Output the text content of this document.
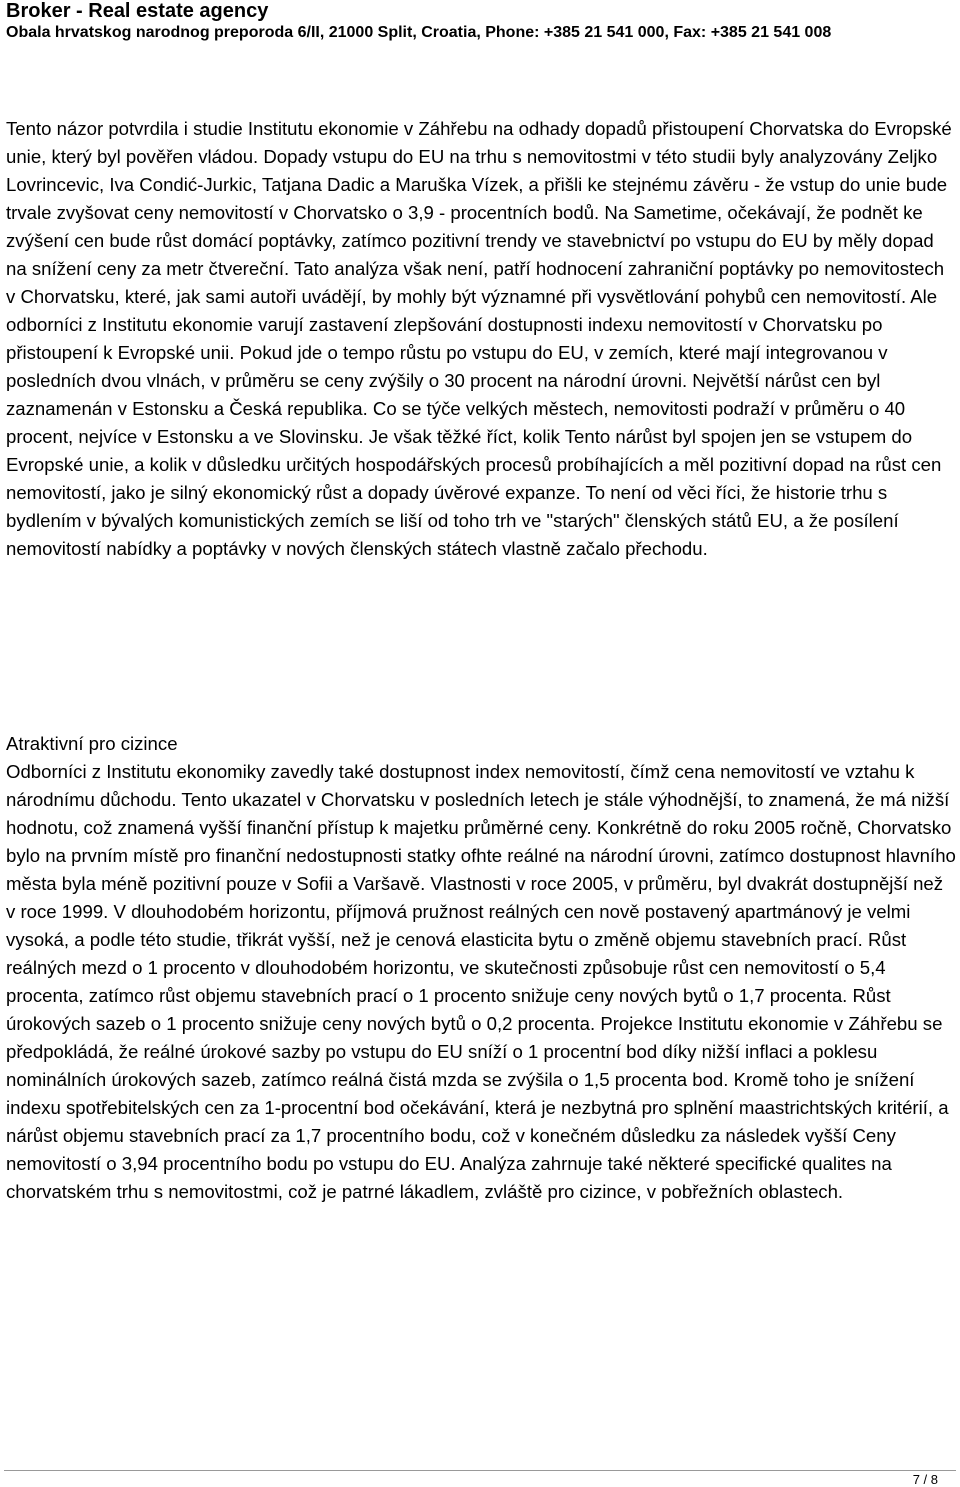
Broker - Real estate agency
Obala hrvatskog narodnog preporoda 6/II, 21000 Split, Croatia, Phone: +385 21 541 000, Fax: +385 21 541 008

Tento názor potvrdila i studie Institutu ekonomie v Záhřebu na odhady dopadů přistoupení Chorvatska do Evropské unie, který byl pověřen vládou. Dopady vstupu do EU na trhu s nemovitostmi v této studii byly analyzovány Zeljko Lovrincevic, Iva Condić-Jurkic, Tatjana Dadic a Maruška Vízek, a přišli ke stejnému závěru - že vstup do unie bude trvale zvyšovat ceny nemovitostí v Chorvatsko o 3,9 - procentních bodů. Na Sametime, očekávají, že podnět ke zvýšení cen bude růst domácí poptávky, zatímco pozitivní trendy ve stavebnictví po vstupu do EU by měly dopad na snížení ceny za metr čtvereční. Tato analýza však není, patří hodnocení zahraniční poptávky po nemovitostech v Chorvatsku, které, jak sami autoři uvádějí, by mohly být významné při vysvětlování pohybů cen nemovitostí. Ale odborníci z Institutu ekonomie varují zastavení zlepšování dostupnosti indexu nemovitostí v Chorvatsku po přistoupení k Evropské unii. Pokud jde o tempo růstu po vstupu do EU, v zemích, které mají integrovanou v posledních dvou vlnách, v průměru se ceny zvýšily o 30 procent na národní úrovni. Největší nárůst cen byl zaznamenán v Estonsku a Česká republika. Co se týče velkých městech, nemovitosti podraží v průměru o 40 procent, nejvíce v Estonsku a ve Slovinsku. Je však těžké říct, kolik Tento nárůst byl spojen jen se vstupem do Evropské unie, a kolik v důsledku určitých hospodářských procesů probíhajících a měl pozitivní dopad na růst cen nemovitostí, jako je silný ekonomický růst a dopady úvěrové expanze. To není od věci říci, že historie trhu s bydlením v bývalých komunistických zemích se liší od toho trh ve "starých" členských států EU, a že posílení nemovitostí nabídky a poptávky v nových členských státech vlastně začalo přechodu.

Atraktivní pro cizince
Odborníci z Institutu ekonomiky zavedly také dostupnost index nemovitostí, čímž cena nemovitostí ve vztahu k národnímu důchodu. Tento ukazatel v Chorvatsku v posledních letech je stále výhodnější, to znamená, že má nižší hodnotu, což znamená vyšší finanční přístup k majetku průměrné ceny. Konkrétně do roku 2005 ročně, Chorvatsko bylo na prvním místě pro finanční nedostupnosti statky ofhte reálné na národní úrovni, zatímco dostupnost hlavního města byla méně pozitivní pouze v Sofii a Varšavě. Vlastnosti v roce 2005, v průměru, byl dvakrát dostupnější než v roce 1999. V dlouhodobém horizontu, příjmová pružnost reálných cen nově postavený apartmánový je velmi vysoká, a podle této studie, třikrát vyšší, než je cenová elasticita bytu o změně objemu stavebních prací. Růst reálných mezd o 1 procento v dlouhodobém horizontu, ve skutečnosti způsobuje růst cen nemovitostí o 5,4 procenta, zatímco růst objemu stavebních prací o 1 procento snižuje ceny nových bytů o 1,7 procenta. Růst úrokových sazeb o 1 procento snižuje ceny nových bytů o 0,2 procenta. Projekce Institutu ekonomie v Záhřebu se předpokládá, že reálné úrokové sazby po vstupu do EU sníží o 1 procentní bod díky nižší inflaci a poklesu nominálních úrokových sazeb, zatímco reálná čistá mzda se zvýšila o 1,5 procenta bod. Kromě toho je snížení indexu spotřebitelských cen za 1-procentní bod očekávání, která je nezbytná pro splnění maastrichtských kritérií, a nárůst objemu stavebních prací za 1,7 procentního bodu, což v konečném důsledku za následek vyšší Ceny nemovitostí o 3,94 procentního bodu po vstupu do EU. Analýza zahrnuje také některé specifické qualites na chorvatském trhu s nemovitostmi, což je patrné lákadlem, zvláště pro cizince, v pobřežních oblastech.
7 / 8
